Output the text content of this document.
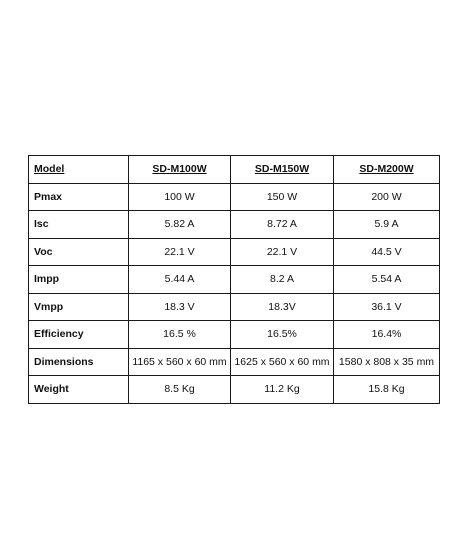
Model	SD-M100W	SD-M150W	SD-M200W
Pmax	100 W	150 W	200 W
Isc	5.82 A	8.72 A	5.9 A
Voc	22.1 V	22.1 V	44.5 V
Impp	5.44 A	8.2 A	5.54 A
Vmpp	18.3 V	18.3V	36.1 V
Efficiency	16.5 %	16.5%	16.4%
Dimensions	1165 x 560 x 60 mm	1625 x 560 x 60 mm	1580 x 808 x 35 mm
Weight	8.5 Kg	11.2 Kg	15.8 Kg
